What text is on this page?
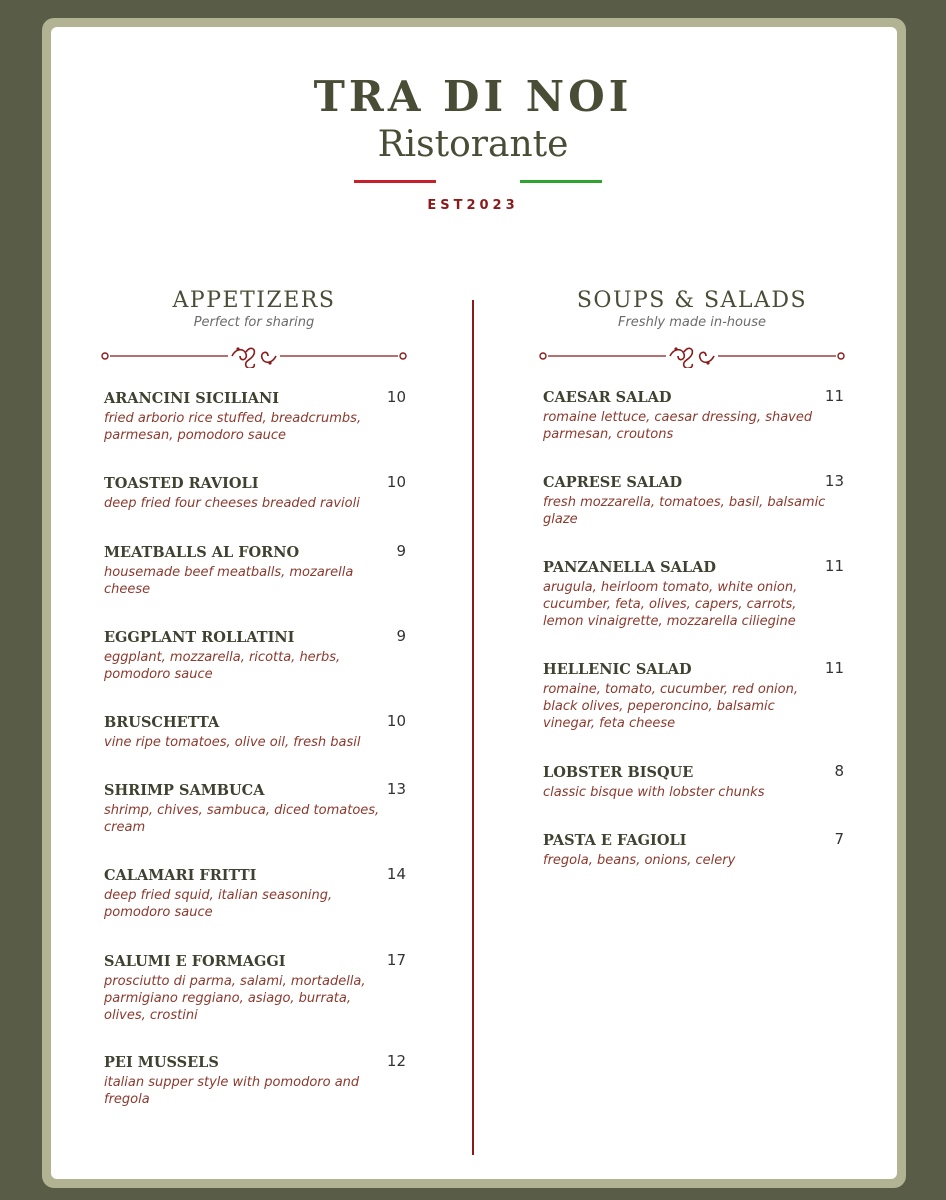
TRA DI NOI
Ristorante
EST2023
APPETIZERS
Perfect for sharing
SOUPS & SALADS
Freshly made in-house
ARANCINI SICILIANI	10
fried arborio rice stuffed, breadcrumbs, parmesan, pomodoro sauce
TOASTED RAVIOLI	10
deep fried four cheeses breaded ravioli
MEATBALLS AL FORNO	9
housemade beef meatballs, mozarella cheese
EGGPLANT ROLLATINI	9
eggplant, mozzarella, ricotta, herbs, pomodoro sauce
BRUSCHETTA	10
vine ripe tomatoes, olive oil, fresh basil
SHRIMP SAMBUCA	13
shrimp, chives, sambuca, diced tomatoes, cream
CALAMARI FRITTI	14
deep fried squid, italian seasoning, pomodoro sauce
SALUMI E FORMAGGI	17
prosciutto di parma, salami, mortadella, parmigiano reggiano, asiago, burrata, olives, crostini
PEI MUSSELS	12
italian supper style with pomodoro and fregola
CAESAR SALAD	11
romaine lettuce, caesar dressing, shaved parmesan, croutons
CAPRESE SALAD	13
fresh mozzarella, tomatoes, basil, balsamic glaze
PANZANELLA SALAD	11
arugula, heirloom tomato, white onion, cucumber, feta, olives, capers, carrots, lemon vinaigrette, mozzarella ciliegine
HELLENIC SALAD	11
romaine, tomato, cucumber, red onion, black olives, peperoncino, balsamic vinegar, feta cheese
LOBSTER BISQUE	8
classic bisque with lobster chunks
PASTA E FAGIOLI	7
fregola, beans, onions, celery
